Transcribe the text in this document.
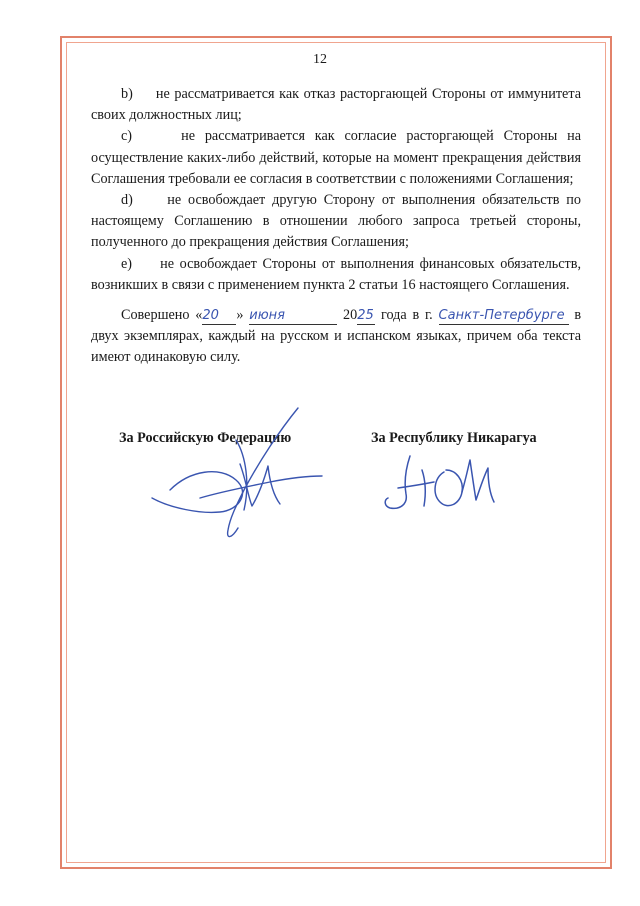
12

b) не рассматривается как отказ расторгающей Стороны от иммунитета своих должностных лиц;

c)	не рассматривается как согласие расторгающей Стороны на осуществление каких-либо действий, которые на момент прекращения действия Соглашения требовали ее согласия в соответствии с положениями Соглашения;

d) не освобождает другую Сторону от выполнения обязательств по настоящему Соглашению в отношении любого запроса третьей стороны, полученного до прекращения действия Соглашения;

e) не освобождает Стороны от выполнения финансовых обязательств, возникших в связи с применением пункта 2 статьи 16 настоящего Соглашения.

Совершено «20 » июня	2025 года в г. Санкт-Петербурге в двух экземплярах, каждый на русском и испанском языках, причем оба текста имеют одинаковую силу.

За Российскую Федерацию	За Республику Никарагуа
